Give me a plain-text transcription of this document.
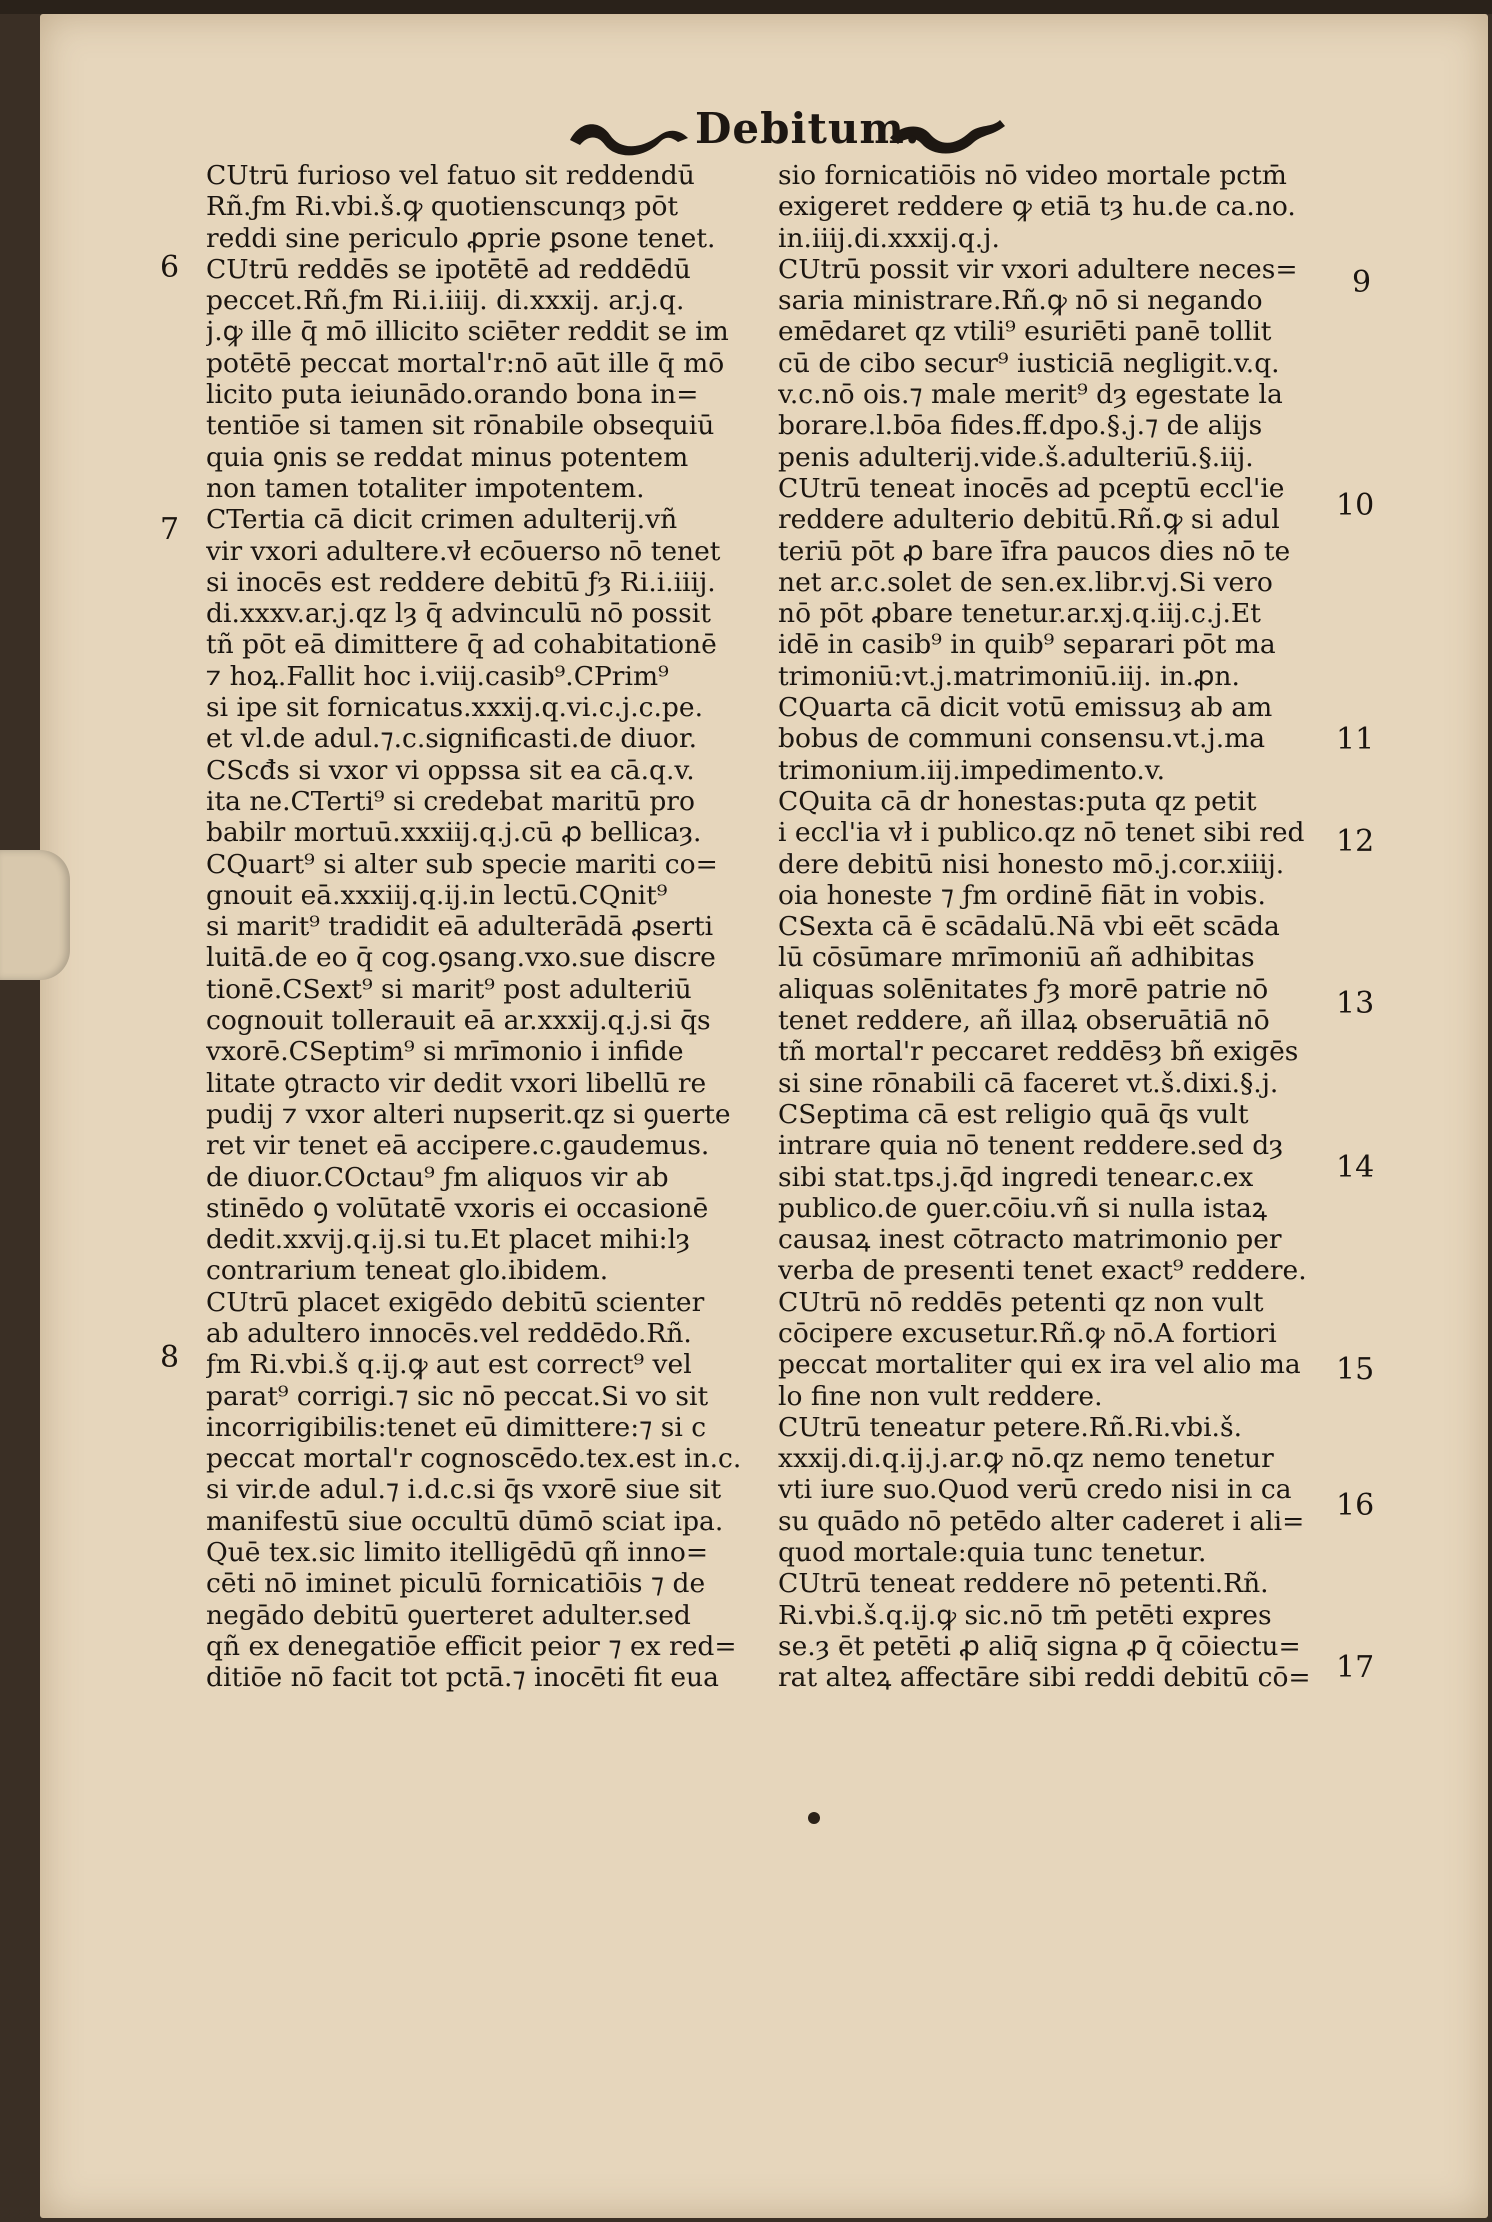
Debitum.
CUtrū furioso vel fatuo sit reddendū
Rñ.ƒm Ri.vbi.š.ꝙ quotienscunqȝ pōt
reddi sine periculo ꝓprie ꝑsone tenet.
CUtrū reddēs se ipotētē ad reddēdū
peccet.Rñ.ƒm Ri.i.iiij. di.xxxij. ar.j.q.
j.ꝙ ille q̄ mō illicito sciēter reddit se im
potētē peccat mortal'r:nō aūt ille q̄ mō
licito puta ieiunādo.orando bona in=
tentiōe si tamen sit rōnabile obsequiū
quia ꝯnis se reddat minus potentem
non tamen totaliter impotentem.
CTertia cā dicit crimen adulterij.vñ
vir vxori adultere.vł ecōuerso nō tenet
si inocēs est reddere debitū ƒȝ Ri.i.iiij.
di.xxxv.ar.j.qz lȝ q̄ advinculū nō possit
tñ pōt eā dimittere q̄ ad cohabitationē
⁊ hoꝝ.Fallit hoc i.viij.casib⁹.CPrim⁹
si ipe sit fornicatus.xxxij.q.vi.c.j.c.pe.
et vl.de adul.⁊.c.significasti.de diuor.
CScđs si vxor vi oppssa sit ea cā.q.v.
ita ne.CTerti⁹ si credebat maritū pro
babilr mortuū.xxxiij.q.j.cū ꝓ bellicaȝ.
CQuart⁹ si alter sub specie mariti co=
gnouit eā.xxxiij.q.ij.in lectū.CQnit⁹
si marit⁹ tradidit eā adulterādā ꝓserti
luitā.de eo q̄ cog.ꝯsang.vxo.sue discre
tionē.CSext⁹ si marit⁹ post adulteriū
cognouit tollerauit eā ar.xxxij.q.j.si q̄s
vxorē.CSeptim⁹ si mrīmonio i infide
litate ꝯtracto vir dedit vxori libellū re
pudij ⁊ vxor alteri nupserit.qz si ꝯuerte
ret vir tenet eā accipere.c.gaudemus.
de diuor.COctau⁹ ƒm aliquos vir ab
stinēdo ꝯ volūtatē vxoris ei occasionē
dedit.xxvij.q.ij.si tu.Et placet mihi:lȝ
contrarium teneat glo.ibidem.
CUtrū placet exigēdo debitū scienter
ab adultero innocēs.vel reddēdo.Rñ.
ƒm Ri.vbi.š q.ij.ꝙ aut est correct⁹ vel
parat⁹ corrigi.⁊ sic nō peccat.Si vo sit
incorrigibilis:tenet eū dimittere:⁊ si c
peccat mortal'r cognoscēdo.tex.est in.c.
si vir.de adul.⁊ i.d.c.si q̄s vxorē siue sit
manifestū siue occultū dūmō sciat ipa.
Quē tex.sic limito itelligēdū qñ inno=
cēti nō iminet piculū fornicatiōis ⁊ de
negādo debitū ꝯuerteret adulter.sed
qñ ex denegatiōe efficit peior ⁊ ex red=
ditiōe nō facit tot pctā.⁊ inocēti fit eua
sio fornicatiōis nō video mortale pctm̄
exigeret reddere ꝙ etiā tȝ hu.de ca.no.
in.iiij.di.xxxij.q.j.
CUtrū possit vir vxori adultere neces=
saria ministrare.Rñ.ꝙ nō si negando
emēdaret qz vtili⁹ esuriēti panē tollit
cū de cibo secur⁹ iusticiā negligit.v.q.
v.c.nō ois.⁊ male merit⁹ dȝ egestate la
borare.l.bōa fides.ff.dpo.§.j.⁊ de alijs
penis adulterij.vide.š.adulteriū.§.iij.
CUtrū teneat inocēs ad pceptū eccl'ie
reddere adulterio debitū.Rñ.ꝙ si adul
teriū pōt ꝓ bare īfra paucos dies nō te
net ar.c.solet de sen.ex.libr.vj.Si vero
nō pōt ꝓbare tenetur.ar.xj.q.iij.c.j.Et
idē in casib⁹ in quib⁹ separari pōt ma
trimoniū:vt.j.matrimoniū.iij. in.ꝓn.
CQuarta cā dicit votū emissuȝ ab am
bobus de communi consensu.vt.j.ma
trimonium.iij.impedimento.v.
CQuita cā dr honestas:puta qz petit
i eccl'ia vł i publico.qz nō tenet sibi red
dere debitū nisi honesto mō.j.cor.xiiij.
oia honeste ⁊ ƒm ordinē fiāt in vobis.
CSexta cā ē scādalū.Nā vbi eēt scāda
lū cōsūmare mrīmoniū añ adhibitas
aliquas solēnitates ƒȝ morē patrie nō
tenet reddere, añ illaꝝ obseruātiā nō
tñ mortal'r peccaret reddēsȝ bñ exigēs
si sine rōnabili cā faceret vt.š.dixi.§.j.
CSeptima cā est religio quā q̄s vult
intrare quia nō tenent reddere.sed dȝ
sibi stat.tps.j.q̄d ingredi tenear.c.ex
publico.de ꝯuer.cōiu.vñ si nulla istaꝝ
causaꝝ inest cōtracto matrimonio per
verba de presenti tenet exact⁹ reddere.
CUtrū nō reddēs petenti qz non vult
cōcipere excusetur.Rñ.ꝙ nō.A fortiori
peccat mortaliter qui ex ira vel alio ma
lo fine non vult reddere.
CUtrū teneatur petere.Rñ.Ri.vbi.š.
xxxij.di.q.ij.j.ar.ꝙ nō.qz nemo tenetur
vti iure suo.Quod verū credo nisi in ca
su quādo nō petēdo alter caderet i ali=
quod mortale:quia tunc tenetur.
CUtrū teneat reddere nō petenti.Rñ.
Ri.vbi.š.q.ij.ꝙ sic.nō tm̄ petēti expres
se.ȝ ēt petēti ꝓ aliq̄ signa ꝓ q̄ cōiectu=
rat alteꝝ affectāre sibi reddi debitū cō=
6
7
8
9
10
11
12
13
14
15
16
17
